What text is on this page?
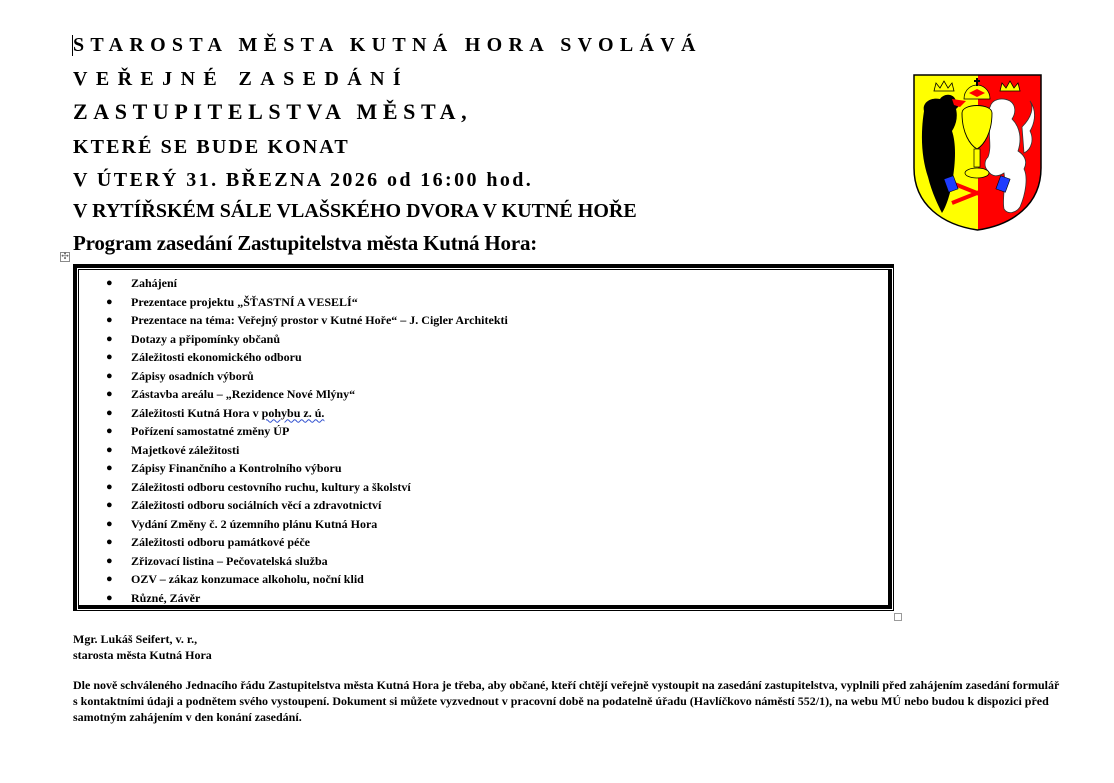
STAROSTA MĚSTA KUTNÁ HORA SVOLÁVÁ
VEŘEJNÉ ZASEDÁNÍ
ZASTUPITELSTVA MĚSTA,
KTERÉ SE BUDE KONAT
V ÚTERÝ 31. BŘEZNA 2026 od 16:00 hod.
V RYTÍŘSKÉM SÁLE VLAŠSKÉHO DVORA V KUTNÉ HOŘE
Program zasedání Zastupitelstva města Kutná Hora:
✣
● Zahájení
● Prezentace projektu „ŠŤASTNÍ A VESELÍ“
● Prezentace na téma: Veřejný prostor v Kutné Hoře“ – J. Cigler Architekti
● Dotazy a připomínky občanů
● Záležitosti ekonomického odboru
● Zápisy osadních výborů
● Zástavba areálu – „Rezidence Nové Mlýny“
● Záležitosti Kutná Hora v pohybu z. ú.
● Pořízení samostatné změny ÚP
● Majetkové záležitosti
● Zápisy Finančního a Kontrolního výboru
● Záležitosti odboru cestovního ruchu, kultury a školství
● Záležitosti odboru sociálních věcí a zdravotnictví
● Vydání Změny č. 2 územního plánu Kutná Hora
● Záležitosti odboru památkové péče
● Zřizovací listina – Pečovatelská služba
● OZV – zákaz konzumace alkoholu, noční klid
● Různé, Závěr
Mgr. Lukáš Seifert, v. r.,
starosta města Kutná Hora
Dle nově schváleného Jednacího řádu Zastupitelstva města Kutná Hora je třeba, aby občané, kteří chtějí veřejně vystoupit na zasedání zastupitelstva, vyplnili před zahájením zasedání formulář s kontaktními údaji a podnětem svého vystoupení. Dokument si můžete vyzvednout v pracovní době na podatelně úřadu (Havlíčkovo náměstí 552/1), na webu MÚ nebo budou k dispozici před samotným zahájením v den konání zasedání.
